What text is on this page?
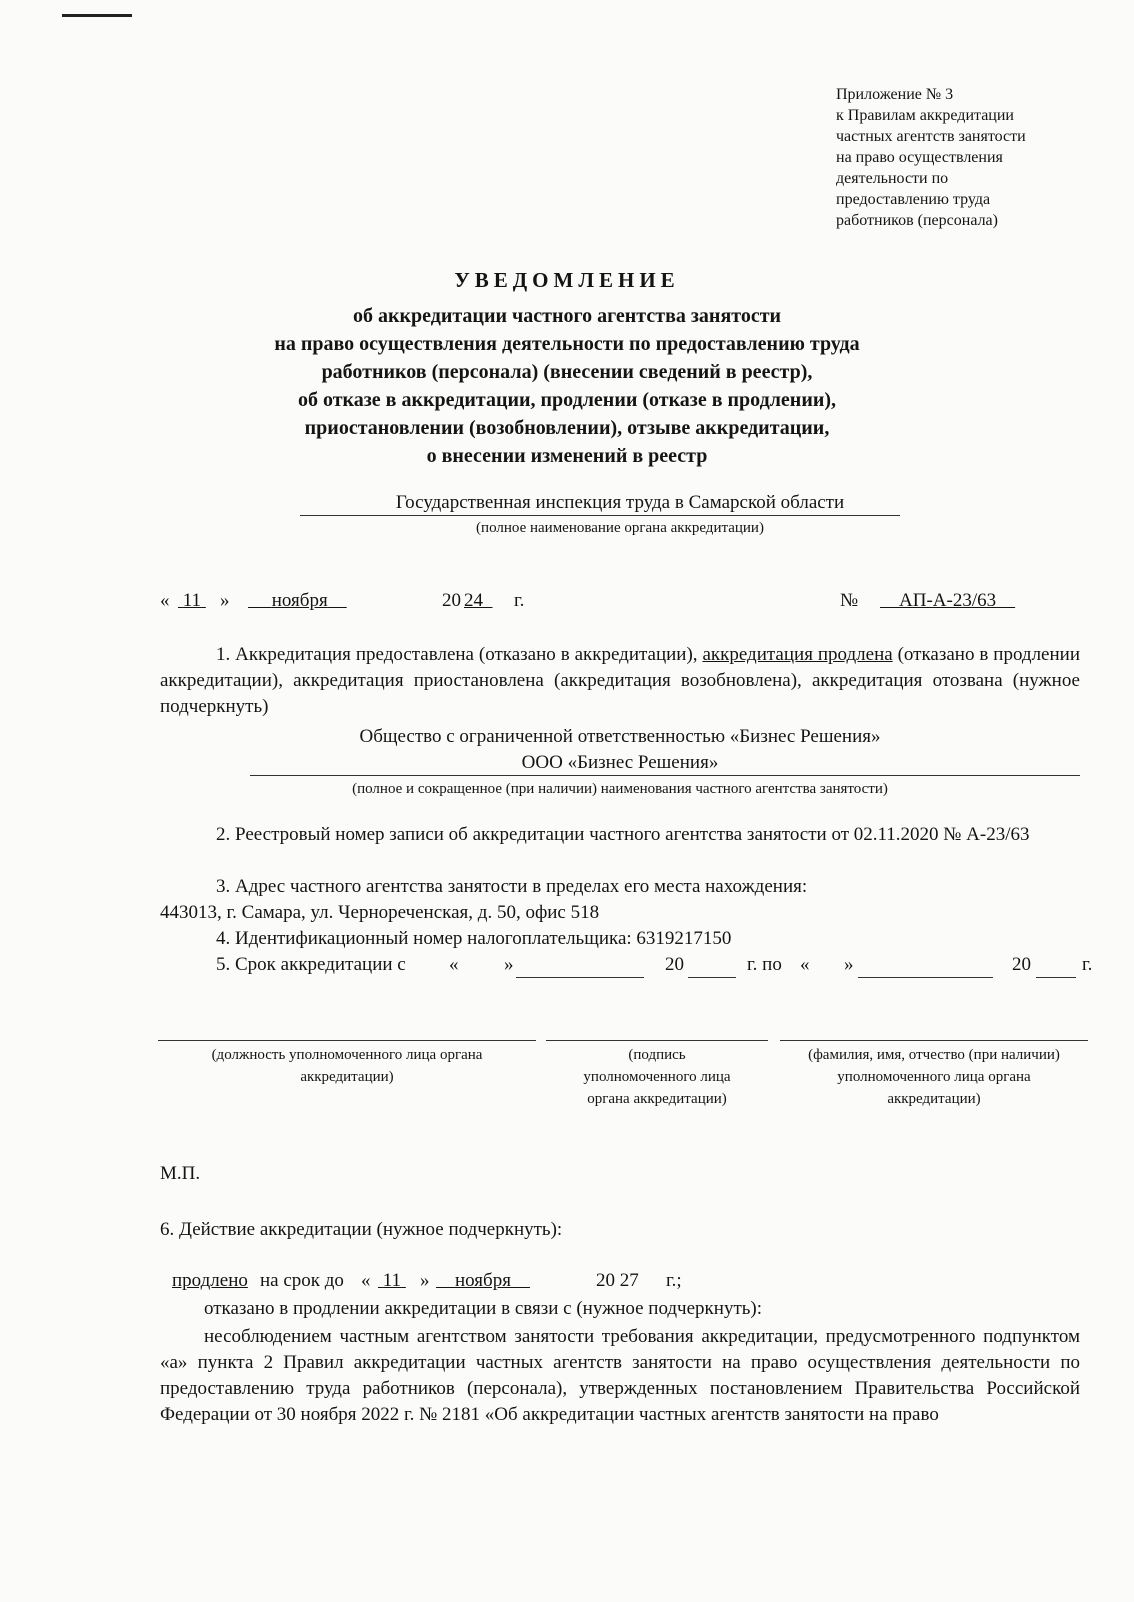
Приложение № 3
к Правилам аккредитации
частных агентств занятости
на право осуществления
деятельности по
предоставлению труда
работников (персонала)
УВЕДОМЛЕНИЕ
об аккредитации частного агентства занятости
на право осуществления деятельности по предоставлению труда
работников (персонала) (внесении сведений в реестр),
об отказе в аккредитации, продлении (отказе в продлении),
приостановлении (возобновлении), отзыве аккредитации,
о внесении изменений в реестр
Государственная инспекция труда в Самарской области
(полное наименование органа аккредитации)
« 11 »	ноября	20 24	г.	№	АП-А-23/63
1. Аккредитация предоставлена (отказано в аккредитации), аккредитация продлена (отказано в продлении аккредитации), аккредитация приостановлена (аккредитация возобновлена), аккредитация отозвана (нужное подчеркнуть)
Общество с ограниченной ответственностью «Бизнес Решения»
ООО «Бизнес Решения»
(полное и сокращенное (при наличии) наименования частного агентства занятости)
2. Реестровый номер записи об аккредитации частного агентства занятости от 02.11.2020 № А-23/63
3. Адрес частного агентства занятости в пределах его места нахождения:
443013, г. Самара, ул. Чернореченская, д. 50, офис 518
4. Идентификационный номер налогоплательщика: 6319217150
5. Срок аккредитации с « »	20	г. по « »	20	г.
(должность уполномоченного лица органа
аккредитации)
(подпись
уполномоченного лица
органа аккредитации)
(фамилия, имя, отчество (при наличии)
уполномоченного лица органа
аккредитации)
М.П.
6. Действие аккредитации (нужное подчеркнуть):
продлено на срок до « 11 »	ноября	20 27 г.;
отказано в продлении аккредитации в связи с (нужное подчеркнуть):
несоблюдением частным агентством занятости требования аккредитации, предусмотренного подпунктом «а» пункта 2 Правил аккредитации частных агентств занятости на право осуществления деятельности по предоставлению труда работников (персонала), утвержденных постановлением Правительства Российской Федерации от 30 ноября 2022 г. № 2181 «Об аккредитации частных агентств занятости на право
